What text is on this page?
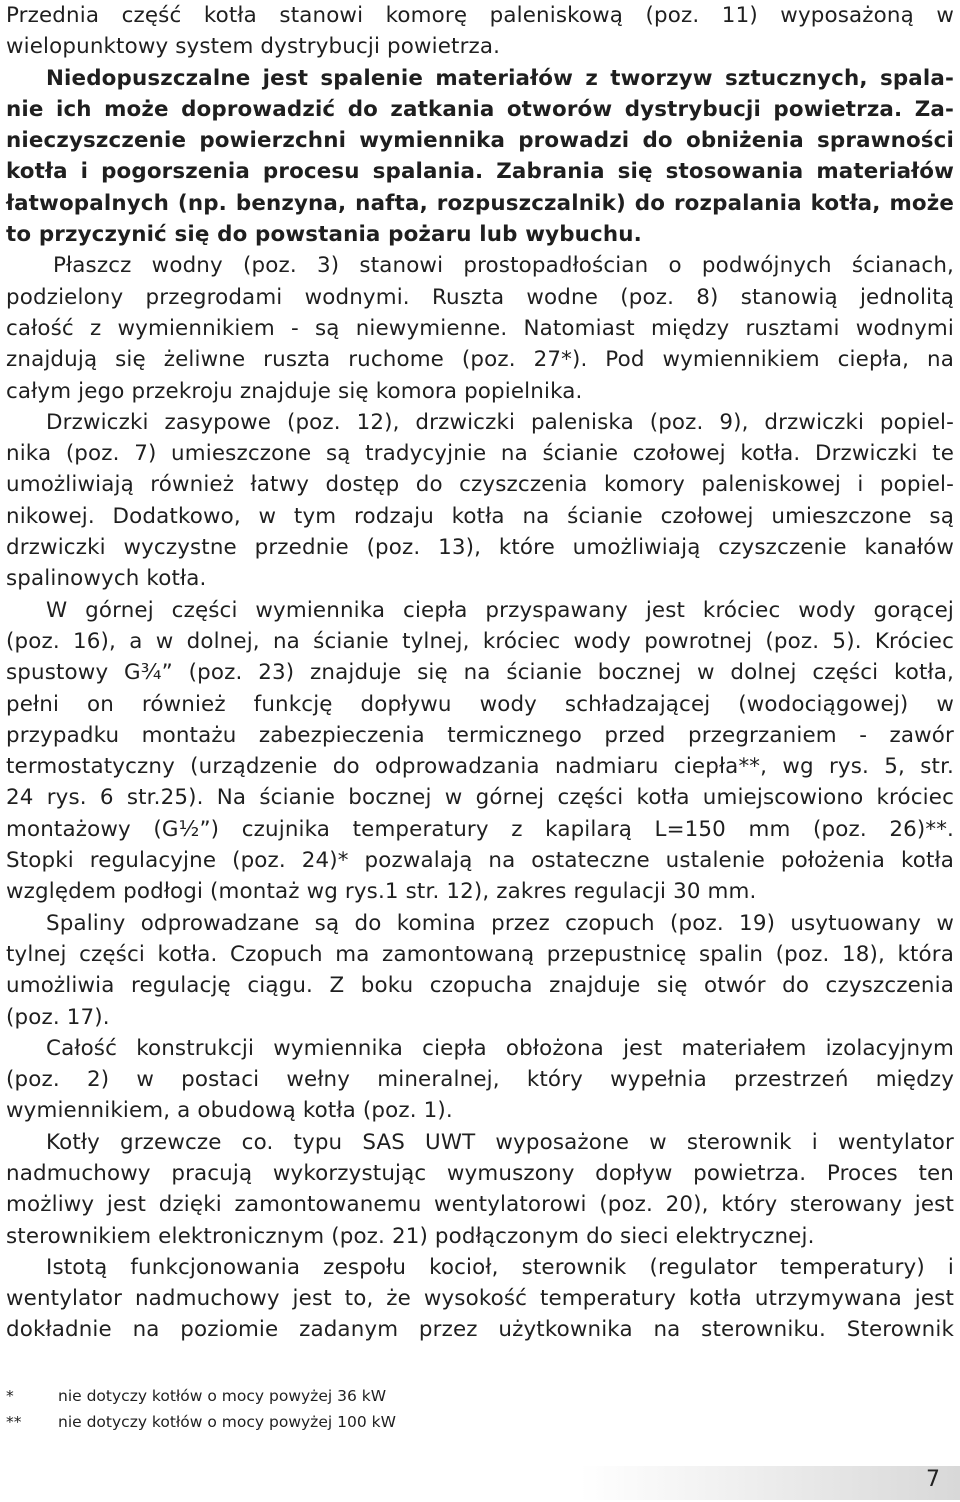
Przednia część kotła stanowi komorę paleniskową (poz. 11) wyposażoną w
wielopunktowy system dystrybucji powietrza.
Niedopuszczalne jest spalenie materiałów z tworzyw sztucznych, spala-
nie ich może doprowadzić do zatkania otworów dystrybucji powietrza. Za-
nieczyszczenie powierzchni wymiennika prowadzi do obniżenia sprawności
kotła i pogorszenia procesu spalania. Zabrania się stosowania materiałów
łatwopalnych (np. benzyna, nafta, rozpuszczalnik) do rozpalania kotła, może
to przyczynić się do powstania pożaru lub wybuchu.
Płaszcz wodny (poz. 3) stanowi prostopadłościan o podwójnych ścianach,
podzielony przegrodami wodnymi. Ruszta wodne (poz. 8) stanowią jednolitą
całość z wymiennikiem - są niewymienne. Natomiast między rusztami wodnymi
znajdują się żeliwne ruszta ruchome (poz. 27*). Pod wymiennikiem ciepła, na
całym jego przekroju znajduje się komora popielnika.
Drzwiczki zasypowe (poz. 12), drzwiczki paleniska (poz. 9), drzwiczki popiel-
nika (poz. 7) umieszczone są tradycyjnie na ścianie czołowej kotła. Drzwiczki te
umożliwiają również łatwy dostęp do czyszczenia komory paleniskowej i popiel-
nikowej. Dodatkowo, w tym rodzaju kotła na ścianie czołowej umieszczone są
drzwiczki wyczystne przednie (poz. 13), które umożliwiają czyszczenie kanałów
spalinowych kotła.
W górnej części wymiennika ciepła przyspawany jest króciec wody gorącej
(poz. 16), a w dolnej, na ścianie tylnej, króciec wody powrotnej (poz. 5). Króciec
spustowy G¾” (poz. 23) znajduje się na ścianie bocznej w dolnej części kotła,
pełni on również funkcję dopływu wody schładzającej (wodociągowej) w
przypadku montażu zabezpieczenia termicznego przed przegrzaniem - zawór
termostatyczny (urządzenie do odprowadzania nadmiaru ciepła**, wg rys. 5, str.
24 rys. 6 str.25). Na ścianie bocznej w górnej części kotła umiejscowiono króciec
montażowy (G½”) czujnika temperatury z kapilarą L=150 mm (poz. 26)**.
Stopki regulacyjne (poz. 24)* pozwalają na ostateczne ustalenie położenia kotła
względem podłogi (montaż wg rys.1 str. 12), zakres regulacji 30 mm.
Spaliny odprowadzane są do komina przez czopuch (poz. 19) usytuowany w
tylnej części kotła. Czopuch ma zamontowaną przepustnicę spalin (poz. 18), która
umożliwia regulację ciągu. Z boku czopucha znajduje się otwór do czyszczenia
(poz. 17).
Całość konstrukcji wymiennika ciepła obłożona jest materiałem izolacyjnym
(poz. 2) w postaci wełny mineralnej, który wypełnia przestrzeń między
wymiennikiem, a obudową kotła (poz. 1).
Kotły grzewcze co. typu SAS UWT wyposażone w sterownik i wentylator
nadmuchowy pracują wykorzystując wymuszony dopływ powietrza. Proces ten
możliwy jest dzięki zamontowanemu wentylatorowi (poz. 20), który sterowany jest
sterownikiem elektronicznym (poz. 21) podłączonym do sieci elektrycznej.
Istotą funkcjonowania zespołu kocioł, sterownik (regulator temperatury) i
wentylator nadmuchowy jest to, że wysokość temperatury kotła utrzymywana jest
dokładnie na poziomie zadanym przez użytkownika na sterowniku. Sterownik
*	nie dotyczy kotłów o mocy powyżej 36 kW
**	nie dotyczy kotłów o mocy powyżej 100 kW
7
